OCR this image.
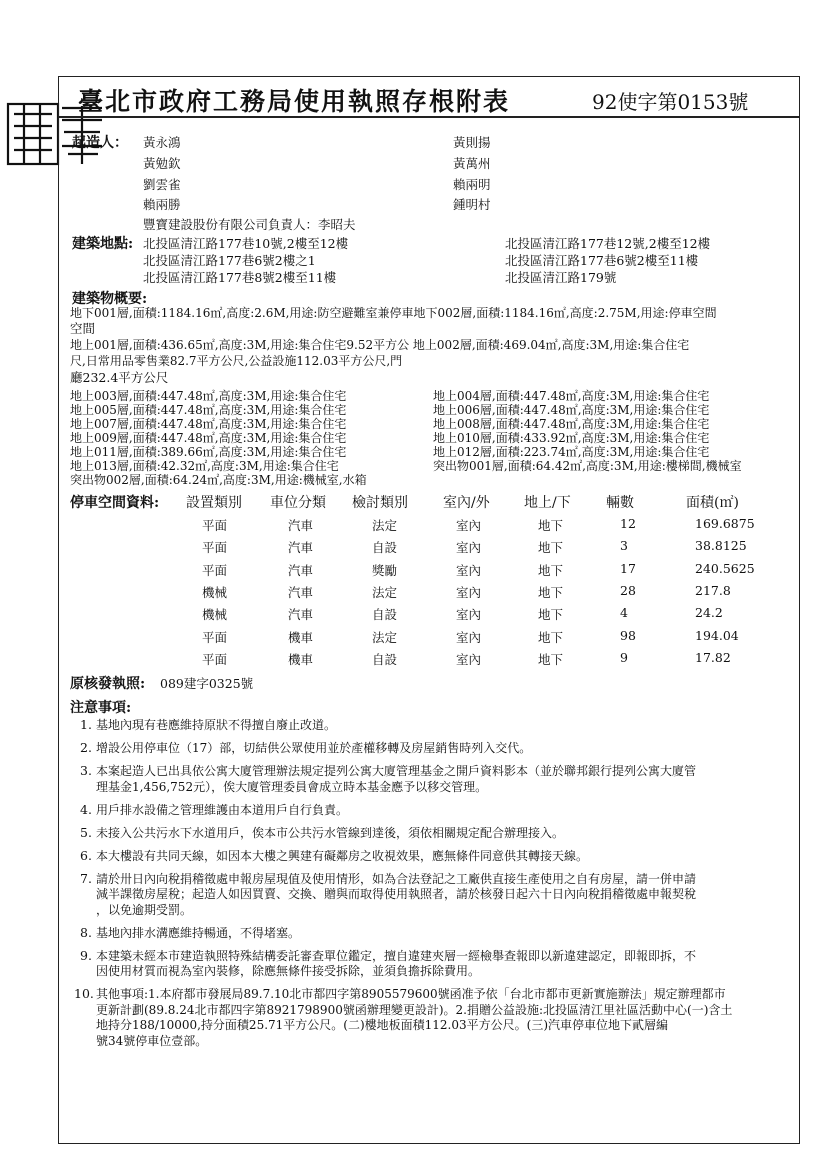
臺北市政府工務局使用執照存根附表	92使字第0153號
起造人： 黃永鴻
黃勉欽
劉雲雀
賴兩勝
豐寶建設股份有限公司負責人：李昭夫
黃則揚
黃萬州
賴兩明
鍾明村
建築地點: 北投區清江路177巷10號,2樓至12樓
北投區清江路177巷6號2樓之1
北投區清江路177巷8號2樓至11樓
北投區清江路177巷12號,2樓至12樓
北投區清江路177巷6號2樓至11樓
北投區清江路179號
建築物概要:
地下001層,面積:1184.16㎡,高度:2.6M,用途:防空避難室兼停車地下002層,面積:1184.16㎡,高度:2.75M,用途:停車空間
空間
地上001層,面積:436.65㎡,高度:3M,用途:集合住宅9.52平方公 地上002層,面積:469.04㎡,高度:3M,用途:集合住宅
尺,日常用品零售業82.7平方公尺,公益設施112.03平方公尺,門
廳232.4平方公尺
地上003層,面積:447.48㎡,高度:3M,用途:集合住宅
地上005層,面積:447.48㎡,高度:3M,用途:集合住宅
地上007層,面積:447.48㎡,高度:3M,用途:集合住宅
地上009層,面積:447.48㎡,高度:3M,用途:集合住宅
地上011層,面積:389.66㎡,高度:3M,用途:集合住宅
地上013層,面積:42.32㎡,高度:3M,用途:集合住宅
突出物002層,面積:64.24㎡,高度:3M,用途:機械室,水箱
地上004層,面積:447.48㎡,高度:3M,用途:集合住宅
地上006層,面積:447.48㎡,高度:3M,用途:集合住宅
地上008層,面積:447.48㎡,高度:3M,用途:集合住宅
地上010層,面積:433.92㎡,高度:3M,用途:集合住宅
地上012層,面積:223.74㎡,高度:3M,用途:集合住宅
突出物001層,面積:64.42㎡,高度:3M,用途:樓梯間,機械室
停車空間資料: 設置類別 車位分類 檢討類別	室內/外 地上/下	輛數	面積(㎡)
平面	汽車	法定	室內	地下	12	169.6875
平面	汽車	自設	室內	地下	3	38.8125
平面	汽車	獎勵	室內	地下	17	240.5625
機械	汽車	法定	室內	地下	28	217.8
機械	汽車	自設	室內	地下	4	24.2
平面	機車	法定	室內	地下	98	194.04
平面	機車	自設	室內	地下	9	17.82
原核發執照: 089建字0325號
注意事項:
1. 基地內現有巷應維持原狀不得擅自廢止改道。
2. 增設公用停車位（17）部，切結供公眾使用並於產權移轉及房屋銷售時列入交代。
3. 本案起造人已出具依公寓大廈管理辦法規定提列公寓大廈管理基金之開戶資料影本（並於聯邦銀行提列公寓大廈管
理基金1,456,752元），俟大廈管理委員會成立時本基金應予以移交管理。
4. 用戶排水設備之管理維護由本道用戶自行負責。
5. 未接入公共污水下水道用戶，俟本市公共污水管線到達後，須依相關規定配合辦理接入。
6. 本大樓設有共同天線，如因本大樓之興建有礙鄰房之收視效果，應無條件同意供其轉接天線。
7. 請於卅日內向稅捐稽徵處申報房屋現值及使用情形，如為合法登記之工廠供直接生產使用之自有房屋，請一併申請
減半課徵房屋稅；起造人如因買賣、交換、贈與而取得使用執照者，請於核發日起六十日內向稅捐稽徵處申報契稅
，以免逾期受罰。
8. 基地內排水溝應維持暢通，不得堵塞。
9. 本建築未經本市建造執照特殊結構委託審查單位鑑定，擅自違建夾層一經檢舉查報即以新違建認定，即報即拆，不
因使用材質而視為室內裝修，除應無條件接受拆除，並須負擔拆除費用。
10. 其他事項:1.本府都市發展局89.7.10北市都四字第8905579600號函准予依「台北市都市更新實施辦法」規定辦理都市
更新計劃(89.8.24北市都四字第8921798900號函辦理變更設計)。2.捐贈公益設施:北投區清江里社區活動中心(一)含土
地持分188/10000,持分面積25.71平方公尺。(二)樓地板面積112.03平方公尺。(三)汽車停車位地下貳層編
號34號停車位壹部。
